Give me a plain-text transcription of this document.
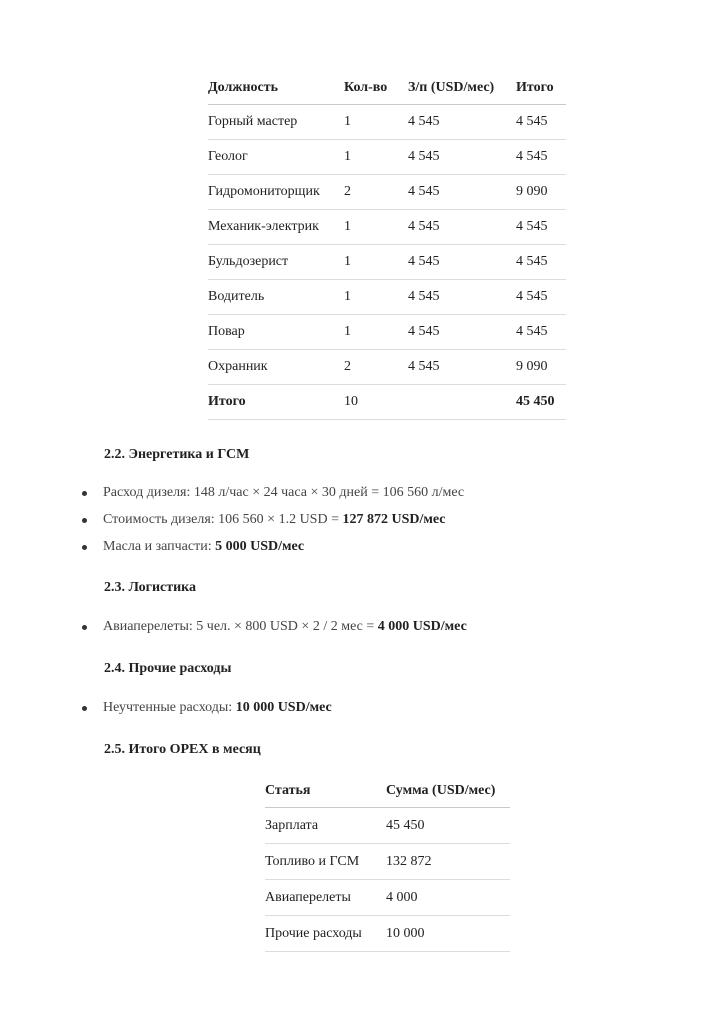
Должность	Кол-во	З/п (USD/мес)	Итого
Горный мастер	1	4 545	4 545
Геолог	1	4 545	4 545
Гидромониторщик	2	4 545	9 090
Механик-электрик	1	4 545	4 545
Бульдозерист	1	4 545	4 545
Водитель	1	4 545	4 545
Повар	1	4 545	4 545
Охранник	2	4 545	9 090
Итого	10		45 450
2.2. Энергетика и ГСМ
Расход дизеля: 148 л/час × 24 часа × 30 дней = 106 560 л/мес
Стоимость дизеля: 106 560 × 1.2 USD = 127 872 USD/мес
Масла и запчасти: 5 000 USD/мес
2.3. Логистика
Авиаперелеты: 5 чел. × 800 USD × 2 / 2 мес = 4 000 USD/мес
2.4. Прочие расходы
Неучтенные расходы: 10 000 USD/мес
2.5. Итого OPEX в месяц
Статья	Сумма (USD/мес)
Зарплата	45 450
Топливо и ГСМ	132 872
Авиаперелеты	4 000
Прочие расходы	10 000
